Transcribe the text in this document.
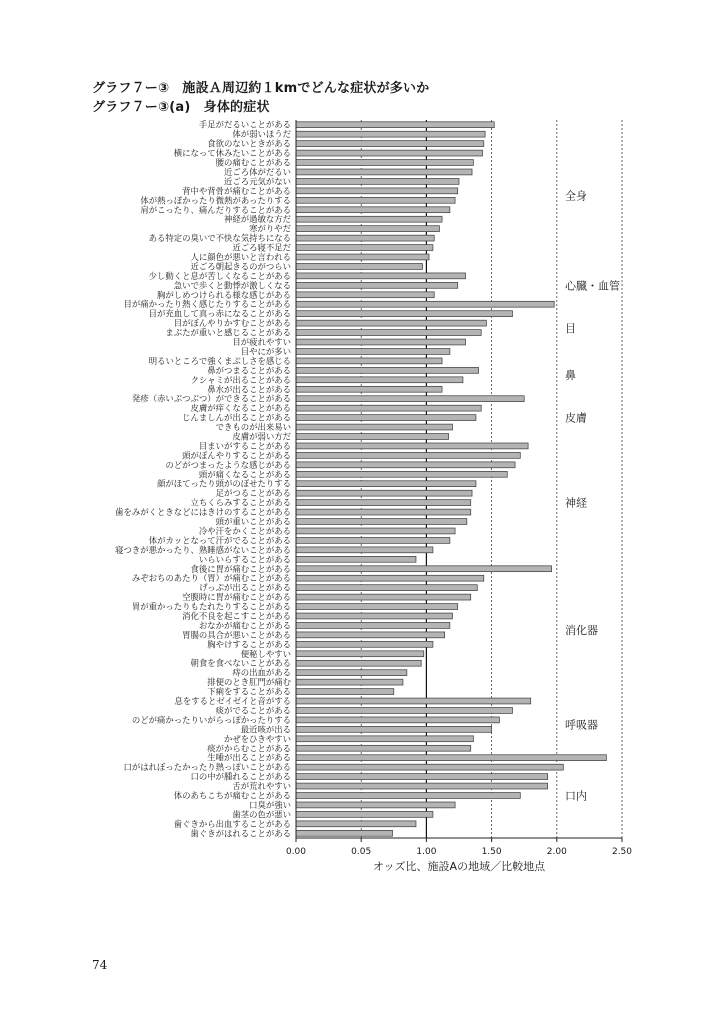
グラフ７ー③　施設Ａ周辺約１kmでどんな症状が多いか
グラフ７ー③(a)　身体的症状
手足がだるいことがある
体が弱いほうだ
食欲のないときがある
横になって休みたいことがある
腰の痛むことがある
近ごろ体がだるい
近ごろ元気がない
背中や背骨が痛むことがある
体が熱っぽかったり微熱があったりする
肩がこったり、痛んだりすることがある
神経が過敏な方だ
寒がりやだ
ある特定の臭いで不快な気持ちになる
近ごろ寝不足だ
人に顔色が悪いと言われる
近ごろ朝起きるのがつらい
少し動くと息が苦しくなることがある
急いで歩くと動悸が激しくなる
胸がしめつけられる様な感じがある
目が痛かったり熱く感じたりすることがある
目が充血して真っ赤になることがある
目がぼんやりかすむことがある
まぶたが重いと感じることがある
目が疲れやすい
目やにが多い
明るいところで強くまぶしさを感じる
鼻がつまることがある
クシャミが出ることがある
鼻水が出ることがある
発疹（赤いぶつぶつ）ができることがある
皮膚が痒くなることがある
じんましんが出ることがある
できものが出来易い
皮膚が弱い方だ
目まいがすることがある
頭がぼんやりすることがある
のどがつまったような感じがある
頭が痛くなることがある
顔がほてったり頭がのぼせたりする
足がつることがある
立ちくらみすることがある
歯をみがくときなどにはきけのすることがある
頭が重いことがある
冷や汗をかくことがある
体がカッとなって汗がでることがある
寝つきが悪かったり、熟睡感がないことがある
いらいらすることがある
食後に胃が痛むことがある
みぞおちのあたり（胃）が痛むことがある
げっぷが出ることがある
空腹時に胃が痛むことがある
胃が重かったりもたれたりすることがある
消化不良を起こすことがある
おなかが痛むことがある
胃腸の具合が悪いことがある
胸やけすることがある
便秘しやすい
朝食を食べないことがある
痔の出血がある
排便のとき肛門が痛む
下痢をすることがある
息をするとゼイゼイと音がする
痰がでることがある
のどが痛かったりいがらっぽかったりする
最近咳が出る
かぜをひきやすい
痰がからむことがある
生唾が出ることがある
口がはれぼったかったり熱っぽいことがある
口の中が腫れることがある
舌が荒れやすい
体のあちこちが痛むことがある
口臭が強い
歯茎の色が悪い
歯ぐきから出血することがある
歯ぐきがはれることがある
全身
心臓・血管
目
鼻
皮膚
神経
消化器
呼吸器
口内
0.00	0.05	1.00	1.50	2.00	2.50
オッズ比、施設Aの地域／比較地点
74
